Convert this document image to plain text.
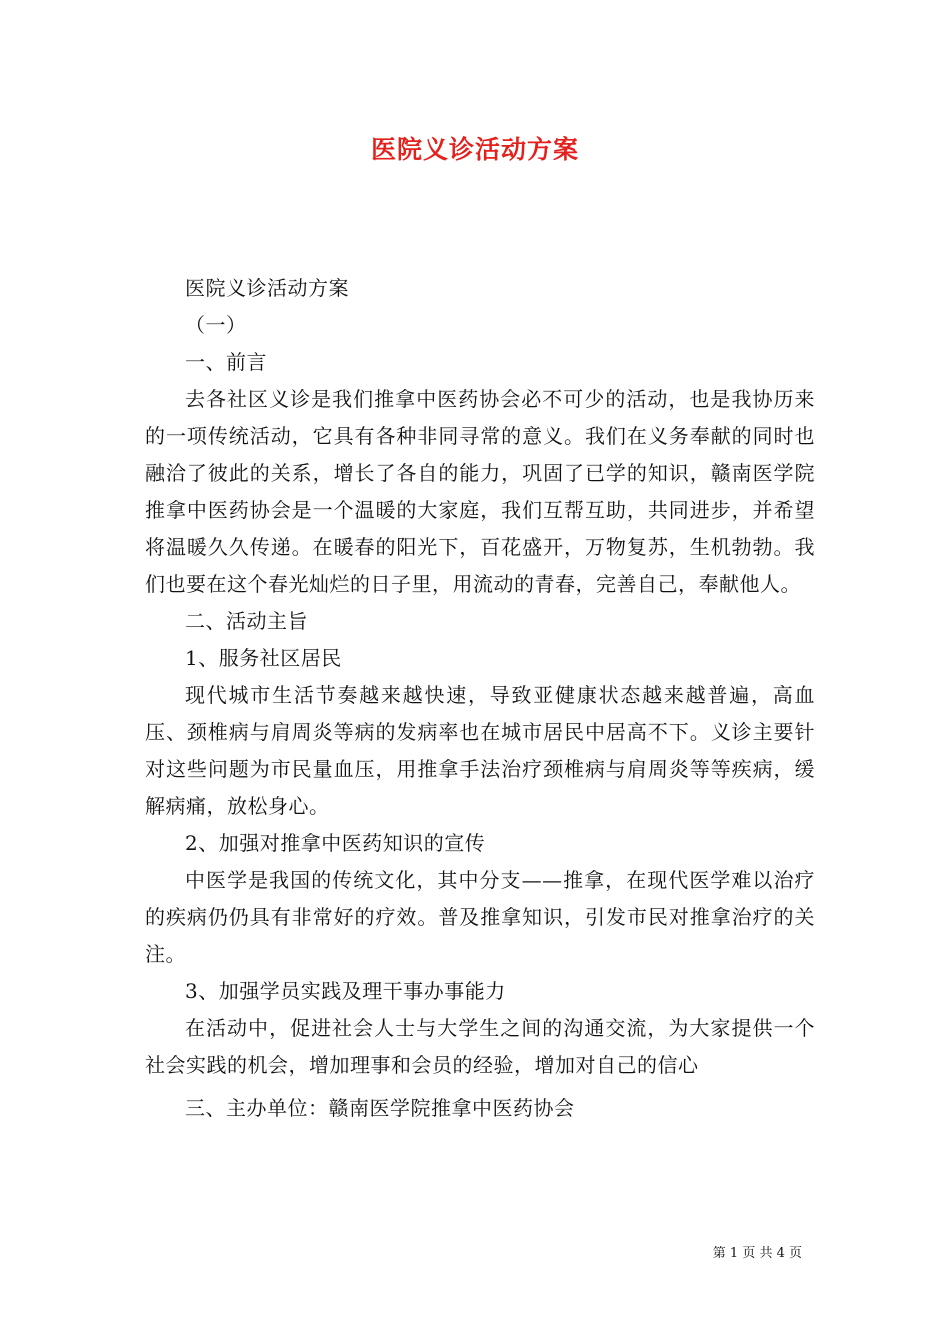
医院义诊活动方案

医院义诊活动方案

（一）

一、前言

去各社区义诊是我们推拿中医药协会必不可少的活动，也是我协历来的一项传统活动，它具有各种非同寻常的意义。我们在义务奉献的同时也融洽了彼此的关系，增长了各自的能力，巩固了已学的知识，赣南医学院推拿中医药协会是一个温暖的大家庭，我们互帮互助，共同进步，并希望将温暖久久传递。在暖春的阳光下，百花盛开，万物复苏，生机勃勃。我们也要在这个春光灿烂的日子里，用流动的青春，完善自己，奉献他人。

二、活动主旨

1、服务社区居民

现代城市生活节奏越来越快速，导致亚健康状态越来越普遍，高血压、颈椎病与肩周炎等病的发病率也在城市居民中居高不下。义诊主要针对这些问题为市民量血压，用推拿手法治疗颈椎病与肩周炎等等疾病，缓解病痛，放松身心。

2、加强对推拿中医药知识的宣传

中医学是我国的传统文化，其中分支——推拿，在现代医学难以治疗的疾病仍仍具有非常好的疗效。普及推拿知识，引发市民对推拿治疗的关注。

3、加强学员实践及理干事办事能力

在活动中，促进社会人士与大学生之间的沟通交流，为大家提供一个社会实践的机会，增加理事和会员的经验，增加对自己的信心

三、主办单位：赣南医学院推拿中医药协会

第 1 页 共 4 页
